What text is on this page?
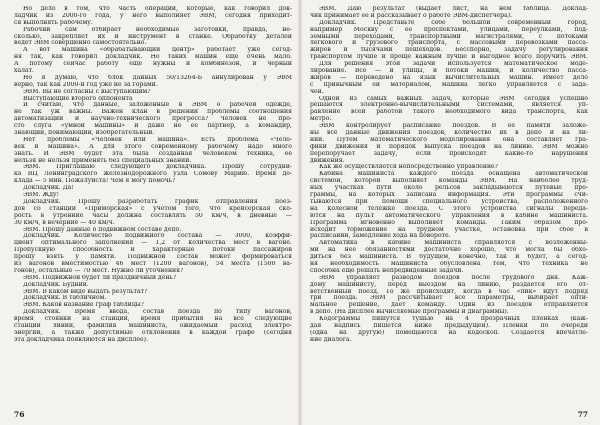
Но дело в том, что часть операций, которые, как говорил док-
ладчик из 2000-го года, у него выполняет ЭВМ, сегодня приходит-
ся выполнять рабочему.
Рабочий сам отбирает необходимые заготовки, правда, не-
сколько, закрепляет их и инструмент в станке. Обработку деталей
ведет ЭВМ совершенно самостоятельно.
А вот машина «обрабатывающий центр» работает уже сегод-
ня так, как говорил докладчик. Но таких машин еще очень мало.
А потому сейчас работу еще нужны и комбинезон, и черный
халат.
Но я думаю, что блок данных 50/13264-Б аннулирован у ЭВМ
верно, так как 2000-й год уже не за горами.
ЭВМ. Вы не согласны с выступающим?
Выступающие второго оппонента
Я считаю, что данные, заложенные в ЭВМ о рабочей одежде,
не так уж важны. Важен клан в решении проблемы соотношения
автоматизации и научно-технического прогресса? Человек не про-
сто слуга «умной машины» и даже не ее партнер, а командир,
знающий, понимающий, изобретательный.
Нет проблемы «Человек или машина». Есть проблема «Чело-
век и машина». А для этого современному рабочему надо много
знать. И ЭВМ будет эта была созданная человеком техника, ее
нельзя не нельзя применять без специальных знаний.
ЭВМ. Приглашаю следующего докладчика. Прошу сотрудни-
ка ВЦ Ленинградского железнодорожного узла Сомову Марию. Время до-
клада — 5 мин. Пожалуйста! Чем я могу помочь?
Докладчик. Да!
ЭВМ. Жду!
Докладчик. Прошу разработать график отправления поез-
дов со станции «Приморская» с учетом того, что крейсерская ско-
рость в утренние часы должна составлять 50 км/ч, в дневные —
30 км/ч, в вечерние — 40 км/ч.
ЭВМ. Прошу данные о подвижном составе депо.
Докладчик. Количество подвижного состава — 3000, коэффи-
циент оптимального заполнения — 1,2 от количества мест в вагоне.
Пропускную способность и характерные потоки пассажиров
прошу взять у памяти. Подвижной состав может формироваться
из вагонов вместимостью 46 мест (1200 вагонов), 54 места (1500 ва-
гонов), остальные — 70 мест. Нужно ли уточнения?
ЭВМ. Подвижной будет ли праздничный день?
Докладчик. Будний.
ЭВМ. В каком виде выдать результат?
Докладчик. В табличном.
ЭВМ. Каков название граф таблицы?
Докладчик. Время ввода, состав поезда по типу вагонов,
время стоянки на станции, время прибытия на все следующие
станции линии, фамилия машиниста, ожидаемый расход электро-
энергии, а также допустимые отклонения в каждой графе (сегодня
эта докладчика появляются на дисплее).
76
ЭВМ. Даю результат (выдает лист, на нем таблица. Доклад-
чик принимает ее и рассказывает о работе ЭВМ-диспетчера).
Докладчик. Представьте себе большой современный город,
например Москву с ее проспектами, улицами, переулками, под-
земными переходами, транспортными магистралями, с потоками
легкового и грузового транспорта, с массовыми перевозками пасса-
жиров и тысячами пешеходов. Бесспорно, задачу регулирования
транспортом лучше и проще важным лучше и выгоднее всего поручить ЭВМ.
Для решения этой задачи используется математическое моде-
лирование. Все — и улицы, и потоки машин, и количество пасса-
жиров — переведено на язык вычислительных машин. Имеет дело
с привычным ей материалом, машина легко управляется с зада-
чей.
Одной из самых важных задач, которые ЭВМ сегодня успешно
решаются электронно-вычислительными системами, является уп-
равление всей работой такого необходимого вида транспорта, как
метро.
ЭВМ контролирует расписание поездов. В ее памяти заложе-
ны все данные движения поездов, количество их в депо и на ли-
нии. Путем математического моделирования она составляет гра-
фики движения и порядок выпуска поездов на линию. ЭВМ можно
перепоручает задачу, если происходят какие-то нарушения
движения.
Как же осуществляется непосредственно управление?
Кабина машиниста каждого поезда оснащена автоматической
системой, которой выполняет команды ЭВМ. На наиболее труд-
ных участках пути около рельсов закладываются путевые про-
граммы, на которых записана информация. Эти программы счи-
тываются при помощи специального устройства, расположенного
на колесной тележке поезда. С этого устройства сигналы переда-
ются на пульт автоматического управления в кабине машиниста.
Программа мгновенно выполняет команды. Таким образом про-
исходит торможение на трудном участке, остановка при сбое в
расписании, замедление хода на повороте.
Автоматика в кабине машиниста справляется с возложенны-
ми на нее обязанностями достаточно хорошо, что могла бы обхо-
диться без машиниста. В будущем, конечно, так и будет, а сегод-
ня необходимость машиниста обусловлена тем, что техника не
способна еще решать непредвиденные задачи.
ЭВМ управляет разводом поездов после трудового дня. Каж-
дому машинисту, перед выездом на линию, раздается его от-
ветственный поезд. То же происходит, когда в час «пик» идут подряд
три поезда. ЭВМ рассчитывает все параметры, выбирает опти-
мальное решение, дает команду. Один из поездов отправляется
в депо. (На дисплее вычисляемые программы и диаграммы).
Кодограммы пишутся тушью на 4 прозрачных пленках (каж-
дая надпись пишется ниже предыдущей). Пленки по очереди
(одна на другую) помещаются на кодоскоп. Создается впечатле-
ние диалога.
77
